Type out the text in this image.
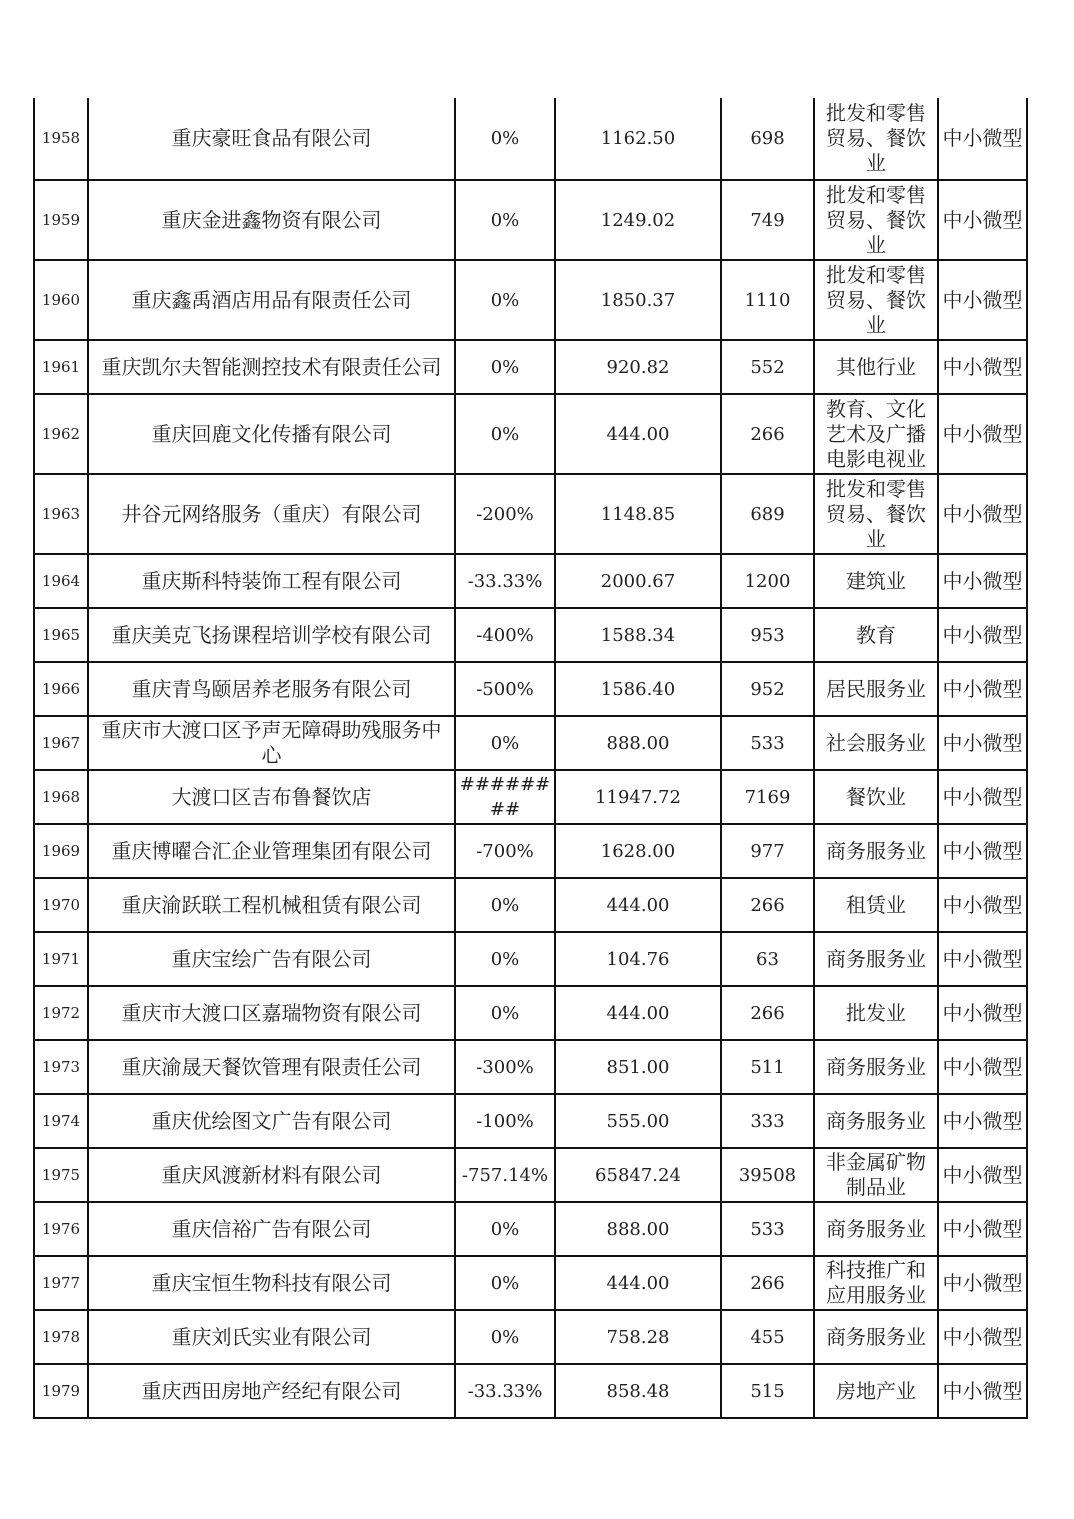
1958	重庆豪旺食品有限公司	0%	1162.50	698	批发和零售贸易、餐饮业	中小微型
1959	重庆金进鑫物资有限公司	0%	1249.02	749	批发和零售贸易、餐饮业	中小微型
1960	重庆鑫禹酒店用品有限责任公司	0%	1850.37	1110	批发和零售贸易、餐饮业	中小微型
1961	重庆凯尔夫智能测控技术有限责任公司	0%	920.82	552	其他行业	中小微型
1962	重庆回鹿文化传播有限公司	0%	444.00	266	教育、文化艺术及广播电影电视业	中小微型
1963	井谷元网络服务（重庆）有限公司	-200%	1148.85	689	批发和零售贸易、餐饮业	中小微型
1964	重庆斯科特装饰工程有限公司	-33.33%	2000.67	1200	建筑业	中小微型
1965	重庆美克飞扬课程培训学校有限公司	-400%	1588.34	953	教育	中小微型
1966	重庆青鸟颐居养老服务有限公司	-500%	1586.40	952	居民服务业	中小微型
1967	重庆市大渡口区予声无障碍助残服务中心	0%	888.00	533	社会服务业	中小微型
1968	大渡口区吉布鲁餐饮店	########	11947.72	7169	餐饮业	中小微型
1969	重庆博曜合汇企业管理集团有限公司	-700%	1628.00	977	商务服务业	中小微型
1970	重庆渝跃联工程机械租赁有限公司	0%	444.00	266	租赁业	中小微型
1971	重庆宝绘广告有限公司	0%	104.76	63	商务服务业	中小微型
1972	重庆市大渡口区嘉瑞物资有限公司	0%	444.00	266	批发业	中小微型
1973	重庆渝晟天餐饮管理有限责任公司	-300%	851.00	511	商务服务业	中小微型
1974	重庆优绘图文广告有限公司	-100%	555.00	333	商务服务业	中小微型
1975	重庆风渡新材料有限公司	-757.14%	65847.24	39508	非金属矿物制品业	中小微型
1976	重庆信裕广告有限公司	0%	888.00	533	商务服务业	中小微型
1977	重庆宝恒生物科技有限公司	0%	444.00	266	科技推广和应用服务业	中小微型
1978	重庆刘氏实业有限公司	0%	758.28	455	商务服务业	中小微型
1979	重庆西田房地产经纪有限公司	-33.33%	858.48	515	房地产业	中小微型
